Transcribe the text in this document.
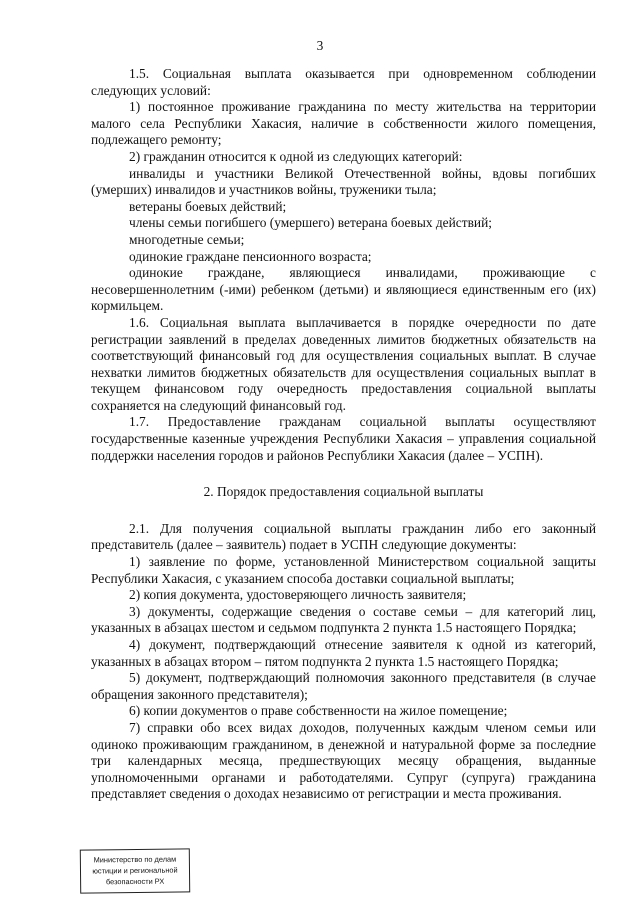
3

1.5. Социальная выплата оказывается при одновременном соблюдении следующих условий:

1) постоянное проживание гражданина по месту жительства на территории малого села Республики Хакасия, наличие в собственности жилого помещения, подлежащего ремонту;

2) гражданин относится к одной из следующих категорий:

инвалиды и участники Великой Отечественной войны, вдовы погибших (умерших) инвалидов и участников войны, труженики тыла;

ветераны боевых действий;

члены семьи погибшего (умершего) ветерана боевых действий;

многодетные семьи;

одинокие граждане пенсионного возраста;

одинокие граждане, являющиеся инвалидами, проживающие с несовершеннолетним (-ими) ребенком (детьми) и являющиеся единственным его (их) кормильцем.

1.6. Социальная выплата выплачивается в порядке очередности по дате регистрации заявлений в пределах доведенных лимитов бюджетных обязательств на соответствующий финансовый год для осуществления социальных выплат. В случае нехватки лимитов бюджетных обязательств для осуществления социальных выплат в текущем финансовом году очередность предоставления социальной выплаты сохраняется на следующий финансовый год.

1.7. Предоставление гражданам социальной выплаты осуществляют государственные казенные учреждения Республики Хакасия – управления социальной поддержки населения городов и районов Республики Хакасия (далее – УСПН).

2. Порядок предоставления социальной выплаты

2.1. Для получения социальной выплаты гражданин либо его законный представитель (далее – заявитель) подает в УСПН следующие документы:

1) заявление по форме, установленной Министерством социальной защиты Республики Хакасия, с указанием способа доставки социальной выплаты;

2) копия документа, удостоверяющего личность заявителя;

3) документы, содержащие сведения о составе семьи – для категорий лиц, указанных в абзацах шестом и седьмом подпункта 2 пункта 1.5 настоящего Порядка;

4) документ, подтверждающий отнесение заявителя к одной из категорий, указанных в абзацах втором – пятом подпункта 2 пункта 1.5 настоящего Порядка;

5) документ, подтверждающий полномочия законного представителя (в случае обращения законного представителя);

6) копии документов о праве собственности на жилое помещение;

7) справки обо всех видах доходов, полученных каждым членом семьи или одиноко проживающим гражданином, в денежной и натуральной форме за последние три календарных месяца, предшествующих месяцу обращения, выданные уполномоченными органами и работодателями. Супруг (супруга) гражданина представляет сведения о доходах независимо от регистрации и места проживания.

Министерство по делам
юстиции и региональной
безопасности РХ
